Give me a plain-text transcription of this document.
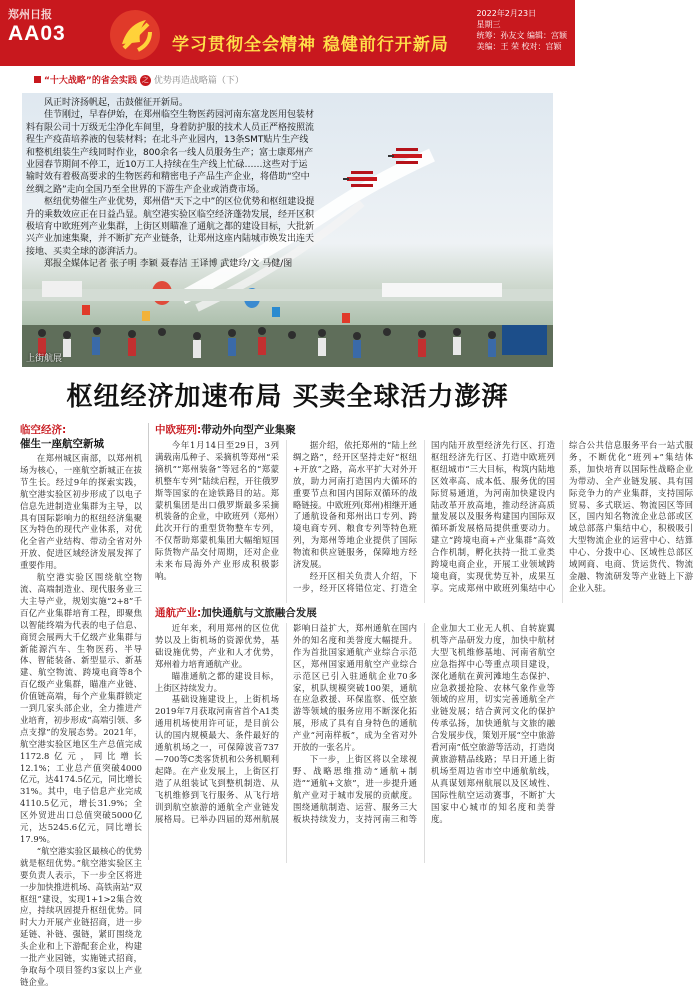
郑州日报
AA03	学习贯彻全会精神 稳健前行开新局
2022年2月23日
星期三
统筹：孙友文 编辑：宫颖
美编：王 荣 校对：宫颖
“十大战略”的省会实践 之 优势再造战略篇（下）

风正时济扬帆起，击鼓催征开新局。

佳节刚过，早春伊始，在郑州临空生物医药园河南东富龙医用包装材料有限公司十万级无尘净化车间里，身着防护服的技术人员正严格按照流程生产疫苗培养液的包装材料；在北斗产业园内，13条SMT贴片生产线和整机组装生产线同时作业，800余名一线人员服务生产；富士康郑州产业园春节期间不停工，近10万工人持续在生产线上忙碌……这些对于运输时效有着极高要求的生物医药和精密电子产品生产企业，将借助“空中丝绸之路”走向全国乃至全世界的下游生产企业或消费市场。

枢纽优势催生产业优势，郑州借“天下之中”的区位优势和枢纽建设提升的乘数效应正在日益凸显。航空港实验区临空经济蓬勃发展，经开区积极培育中欧班列产业集群，上街区则瞄准了通航之都的建设目标，大批新兴产业加速集聚，并不断扩充产业链条，让郑州这座内陆城市焕发出连天接地、买卖全球的澎湃活力。

郑报全媒体记者 张子明 李颖 聂春洁 王译博 武建玲/文 马健/图

上街航展
枢纽经济加速布局 买卖全球活力澎湃
临空经济:
催生一座航空新城

在郑州城区南部，以郑州机场为核心，一座航空新城正在拔节生长。经过9年的探索实践，航空港实验区初步形成了以电子信息先进制造业集群为主导，以具有国际影响力的枢纽经济集聚区为特色的现代产业体系，对优化全省产业结构、带动全省对外开放、促进区域经济发展发挥了重要作用。

航空港实验区围绕航空物流、高端制造业、现代服务业三大主导产业，规划实施“2+8”千百亿产业集群培育工程，即聚焦以智能终端为代表的电子信息、商贸会展两大千亿级产业集群与新能源汽车、生物医药、半导体、智能装备、新型显示、新基建、航空物流、跨境电商等8个百亿级产业集群，瞄准产业链、价值链高端，每个产业集群锁定一到几家头部企业，全力推进产业培育，初步形成“高端引领、多点支撑”的发展态势。2021年，航空港实验区地区生产总值完成1172.8亿元，同比增长12.1%；工业总产值突破4000亿元，达4174.5亿元，同比增长31%。其中，电子信息产业完成4110.5亿元，增长31.9%；全区外贸进出口总值突破5000亿元，达5245.6亿元，同比增长17.9%。

“航空港实验区最核心的优势就是枢纽优势。”航空港实验区主要负责人表示，下一步全区将进一步加快推进机场、高铁南站“双枢纽”建设，实现1+1>2集合效应，持续巩固提升枢纽优势。同时大力开展产业链招商，进一步延链、补链、强链，紧盯围绕龙头企业和上下游配套企业，构建一批产业园链，实施链式招商，争取每个项目签约3家以上产业链企业。

中欧班列:带动外向型产业集聚

今年1月14日至29日，3列满载南瓜种子、采摘机等郑州“采摘机”“郑州装备”等冠名的“郑蒙机整车专列”陆续启程，开往俄罗斯等国家的在途铁路目的站。郑蒙机集团是出口俄罗斯最多采摘机装备的企业，中欧班列（郑州）此次开行的重型货物整车专列，不仅帮助郑蒙机集团大幅缩短国际货物产品交付周期，还对企业未来布局海外产业形成积极影响。

据介绍，依托郑州的“陆上丝绸之路”，经开区坚持走好“枢纽+开放”之路，高水平扩大对外开放，助力河南打造国内大循环的重要节点和国内国际双循环的战略链接。中欧班列(郑州)相继开通了通航设备和郑州出口专列、跨境电商专列、粮食专列等特色班列，为郑州等地企业提供了国际物流和供应链服务，保障地方经济发展。

经开区相关负责人介绍，下一步，经开区将错位定、打造全国内陆开放型经济先行区、打造枢纽经济先行区、打造中欧班列枢纽城市“三大目标，构筑内陆地区效率高、成本低、服务优的国际贸易通道，为河南加快建设内陆改革开放高地，推动经济高质量发展以及服务构建国内国际双循环新发展格局提供重要动力。建立“跨境电商+产业集群”高效合作机制，孵化扶持一批工业类跨境电商企业，开展工业领域跨境电商，实现优势互补，成果互享。完成郑州中欧班列集结中心综合公共信息服务平台一站式服务，不断优化“班列+”集结体系，加快培育以国际性战略企业为带动、全产业链发展、具有国际竞争力的产业集群，支持国际贸易、多式联运、物流园区等回区，国内知名物流企业总部或区域总部落户集结中心，积极吸引大型物流企业的运营中心、结算中心、分拨中心、区域性总部区域网商、电商、货运货代、物流金融、物流研发等产业链上下游企业入驻。

通航产业:加快通航与文旅融合发展

近年来，利用郑州的区位优势以及上街机场的资源优势，基础设施优势，产业和人才优势，郑州着力培育通航产业。

瞄准通航之都的建设目标，上街区持续发力。

基础设施建设上，上街机场2019年7月获取河南省首个A1类通用机场使用许可证，是目前公认的国内规模最大、条件最好的通航机场之一，可保障波音737—700等C类客货机和公务机顺利起降。在产业发展上，上街区打造了从组装试飞到整机制造、从飞机维修到飞行服务、从飞行培训到航空旅游的通航全产业链发展格局。已举办四届的郑州航展影响日益扩大，郑州通航在国内外的知名度和美誉度大幅提升。作为首批国家通航产业综合示范区，郑州国家通用航空产业综合示范区已引入驻通航企业70多家，机队规模突破100架，通航在应急救援、环保监察、低空旅游等领域的服务应用不断深化拓展，形成了具有自身特色的通航产业“河南样板”，成为全省对外开放的一张名片。

下一步，上街区将以全球视野、战略思维推动“通航+制造”“通航+文旅”，进一步提升通航产业对于城市发展的贡献度。围绕通航制造、运营、服务三大板块持续发力，支持河南三和等企业加大工业无人机、自转旋翼机等产品研发力度，加快中航材大型飞机维修基地、河南省航空应急指挥中心等重点项目建设，深化通航在黄河滩地生态保护、应急救援抢险、农林气象作业等领域的应用，切实完善通航全产业链发展；结合黄河文化的保护传承弘扬，加快通航与文旅的融合发展步伐，策划开展“空中旅游看河南”低空旅游等活动，打造岗黄旅游精品线路；早日开通上街机场至周边省市空中通航航线，从真谋划郑州航展以及区域性、国际性航空运动赛事，不断扩大国家中心城市的知名度和美誉度。
